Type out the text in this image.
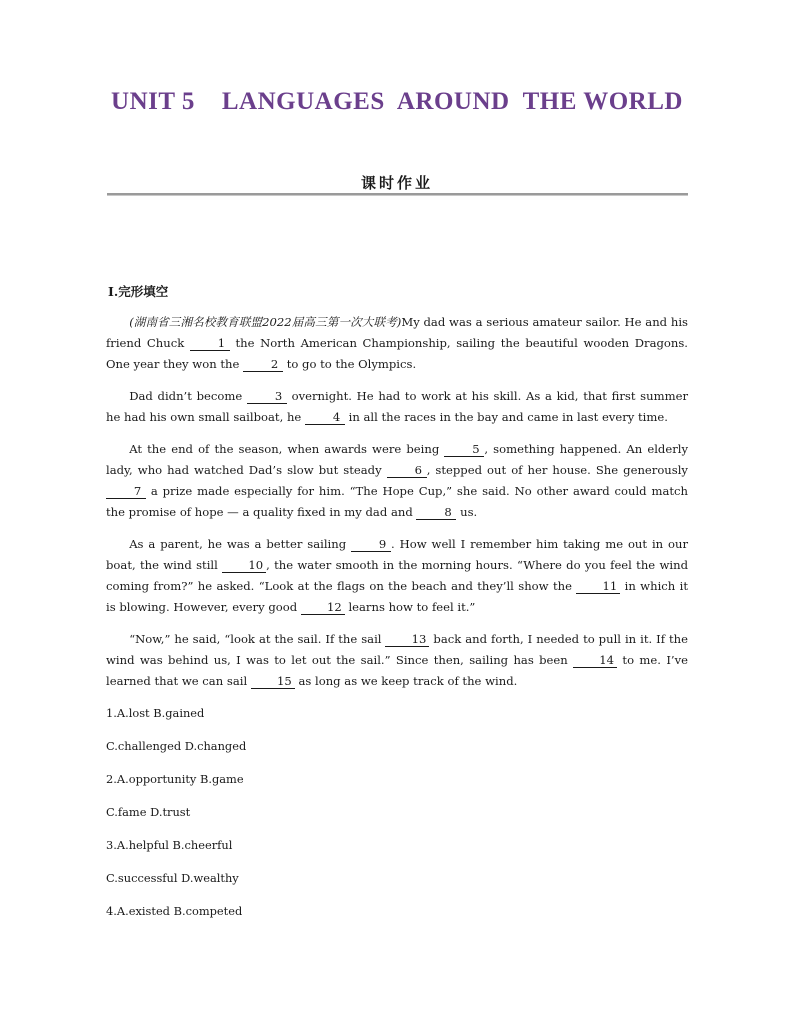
UNIT 5    LANGUAGES  AROUND  THE WORLD
课时作业
Ⅰ.完形填空

(湖南省三湘名校教育联盟2022届高三第一次大联考)My dad was a serious amateur sailor. He and his friend Chuck 1 the North American Championship, sailing the beautiful wooden Dragons. One year they won the 2 to go to the Olympics.

Dad didn’t become 3 overnight. He had to work at his skill. As a kid, that first summer he had his own small sailboat, he 4 in all the races in the bay and came in last every time.

At the end of the season, when awards were being 5 , something happened. An elderly lady, who had watched Dad’s slow but steady 6 , stepped out of her house. She generously 7 a prize made especially for him. “The Hope Cup,” she said. No other award could match the promise of hope — a quality fixed in my dad and 8 us.

As a parent, he was a better sailing 9 . How well I remember him taking me out in our boat, the wind still 10 , the water smooth in the morning hours. “Where do you feel the wind coming from?” he asked. “Look at the flags on the beach and they’ll show the 11 in which it is blowing. However, every good 12 learns how to feel it.”

“Now,” he said, “look at the sail. If the sail 13 back and forth, I needed to pull in it. If the wind was behind us, I was to let out the sail.” Since then, sailing has been 14 to me. I’ve learned that we can sail 15 as long as we keep track of the wind.

1.A.lost B.gained

C.challenged D.changed

2.A.opportunity B.game

C.fame D.trust

3.A.helpful B.cheerful

C.successful D.wealthy

4.A.existed B.competed
